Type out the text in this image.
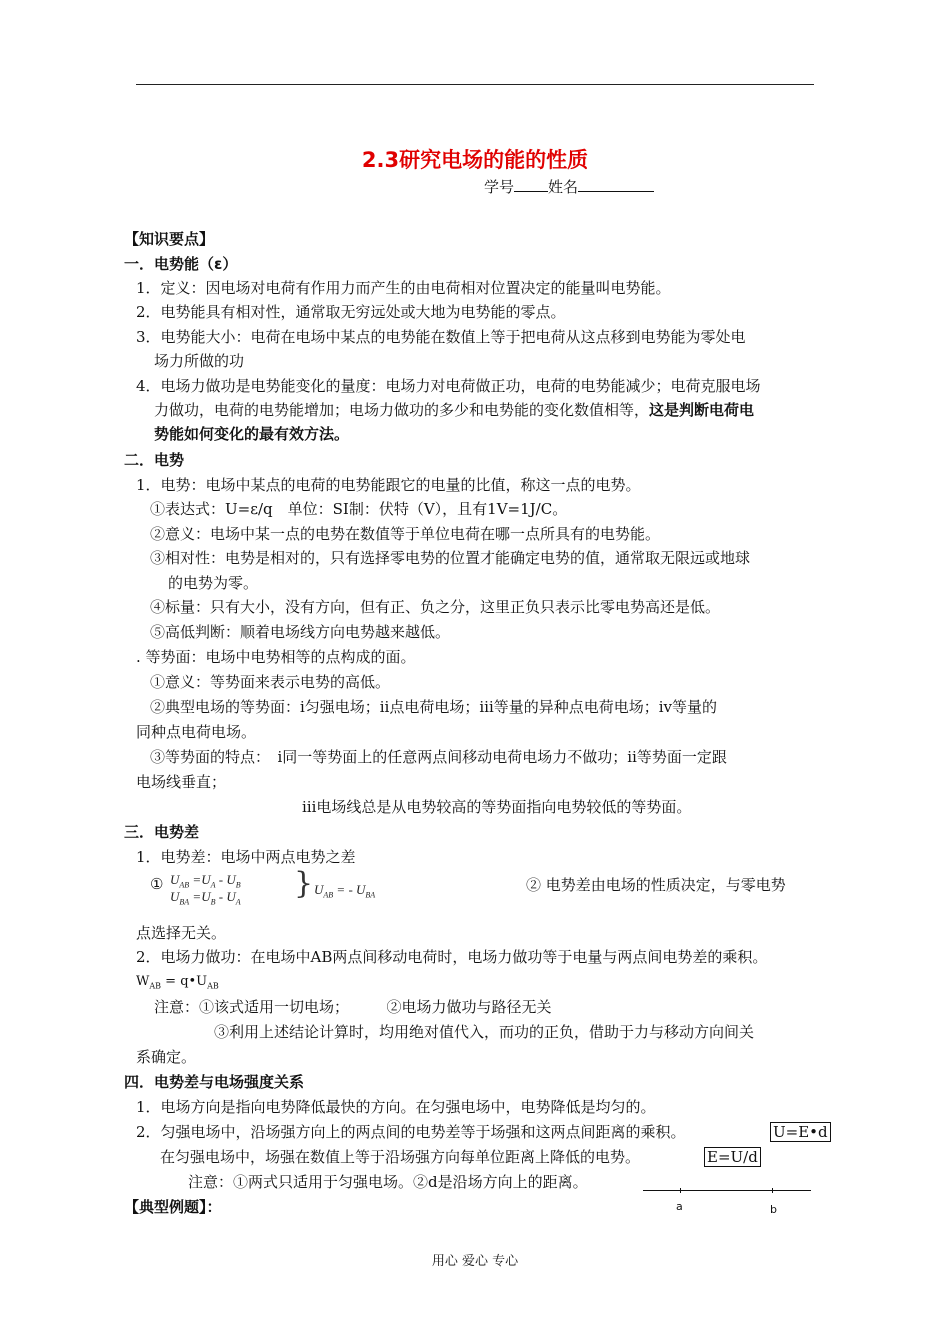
2.3研究电场的能的性质
学号 姓名
【知识要点】
一．电势能（ε）
1．定义：因电场对电荷有作用力而产生的由电荷相对位置决定的能量叫电势能。
2．电势能具有相对性，通常取无穷远处或大地为电势能的零点。
3．电势能大小：电荷在电场中某点的电势能在数值上等于把电荷从这点移到电势能为零处电
场力所做的功
4．电场力做功是电势能变化的量度：电场力对电荷做正功，电荷的电势能减少；电荷克服电场
力做功，电荷的电势能增加；电场力做功的多少和电势能的变化数值相等，这是判断电荷电
势能如何变化的最有效方法。
二．电势
1．电势：电场中某点的电荷的电势能跟它的电量的比值，称这一点的电势。
①表达式：U=ε/q　单位：SI制：伏特（V），且有1V=1J/C。
②意义：电场中某一点的电势在数值等于单位电荷在哪一点所具有的电势能。
③相对性：电势是相对的，只有选择零电势的位置才能确定电势的值，通常取无限远或地球
的电势为零。
④标量：只有大小，没有方向，但有正、负之分，这里正负只表示比零电势高还是低。
⑤高低判断：顺着电场线方向电势越来越低。
. 等势面：电场中电势相等的点构成的面。
①意义：等势面来表示电势的高低。
②典型电场的等势面：ⅰ匀强电场；ⅱ点电荷电场；ⅲ等量的异种点电荷电场；ⅳ等量的
同种点电荷电场。
③等势面的特点：　ⅰ同一等势面上的任意两点间移动电荷电场力不做功；ⅱ等势面一定跟
电场线垂直；
ⅲ电场线总是从电势较高的等势面指向电势较低的等势面。
三．电势差
1．电势差：电场中两点电势之差
① $U_{AB} =U_A - U_B$
$U_{BA} =U_B - U_A$
} $U_{AB}$ = - $U_{BA}$
② 电势差由电场的性质决定，与零电势
点选择无关。
2．电场力做功：在电场中AB两点间移动电荷时，电场力做功等于电量与两点间电势差的乘积。
$W_{AB}$ = $q•U_{AB}$
注意：①该式适用一切电场；　　　②电场力做功与路径无关
③利用上述结论计算时，均用绝对值代入，而功的正负，借助于力与移动方向间关
系确定。
四．电势差与电场强度关系
1．电场方向是指向电势降低最快的方向。在匀强电场中，电势降低是均匀的。
2．匀强电场中，沿场强方向上的两点间的电势差等于场强和这两点间距离的乘积。	U=E•d
在匀强电场中，场强在数值上等于沿场强方向每单位距离上降低的电势。	E=U/d
注意：①两式只适用于匀强电场。②d是沿场方向上的距离。
【典型例题】：	a	b
用心 爱心 专心
